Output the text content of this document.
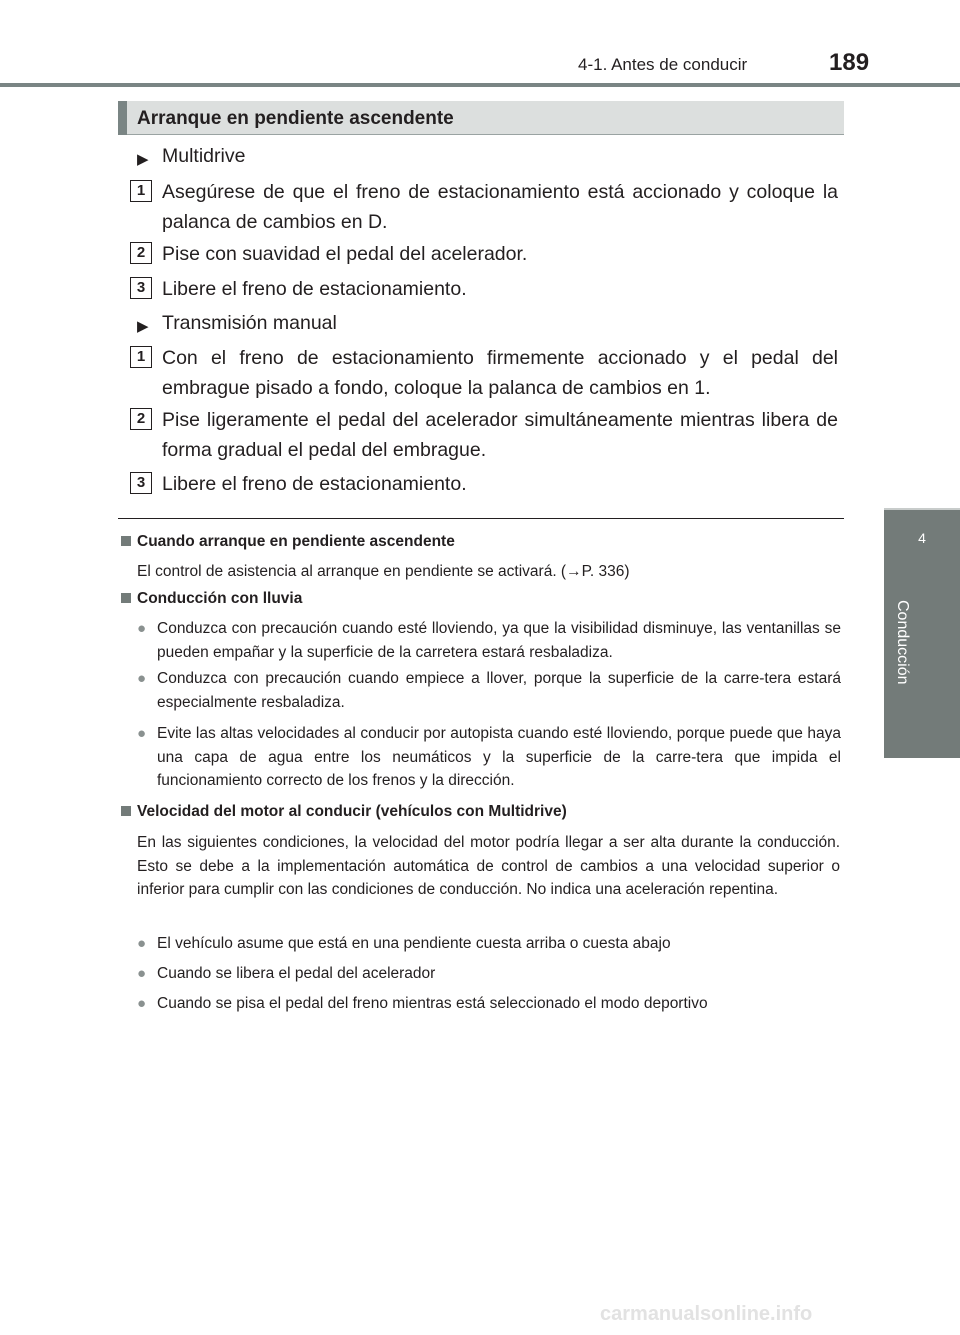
4-1. Antes de conducir	189
4
Conducción
Arranque en pendiente ascendente
▶ Multidrive
1 Asegúrese de que el freno de estacionamiento está accionado y coloque la palanca de cambios en D.
2 Pise con suavidad el pedal del acelerador.
3 Libere el freno de estacionamiento.
▶ Transmisión manual
1 Con el freno de estacionamiento firmemente accionado y el pedal del embrague pisado a fondo, coloque la palanca de cambios en 1.
2 Pise ligeramente el pedal del acelerador simultáneamente mientras libera de forma gradual el pedal del embrague.
3 Libere el freno de estacionamiento.
Cuando arranque en pendiente ascendente
El control de asistencia al arranque en pendiente se activará. (→P. 336)
Conducción con lluvia
● Conduzca con precaución cuando esté lloviendo, ya que la visibilidad disminuye, las ventanillas se pueden empañar y la superficie de la carretera estará resbaladiza.
● Conduzca con precaución cuando empiece a llover, porque la superficie de la carre-tera estará especialmente resbaladiza.
● Evite las altas velocidades al conducir por autopista cuando esté lloviendo, porque puede que haya una capa de agua entre los neumáticos y la superficie de la carre-tera que impida el funcionamiento correcto de los frenos y la dirección.
Velocidad del motor al conducir (vehículos con Multidrive)
En las siguientes condiciones, la velocidad del motor podría llegar a ser alta durante la conducción. Esto se debe a la implementación automática de control de cambios a una velocidad superior o inferior para cumplir con las condiciones de conducción. No indica una aceleración repentina.
● El vehículo asume que está en una pendiente cuesta arriba o cuesta abajo
● Cuando se libera el pedal del acelerador
● Cuando se pisa el pedal del freno mientras está seleccionado el modo deportivo
carmanualsonline.info
